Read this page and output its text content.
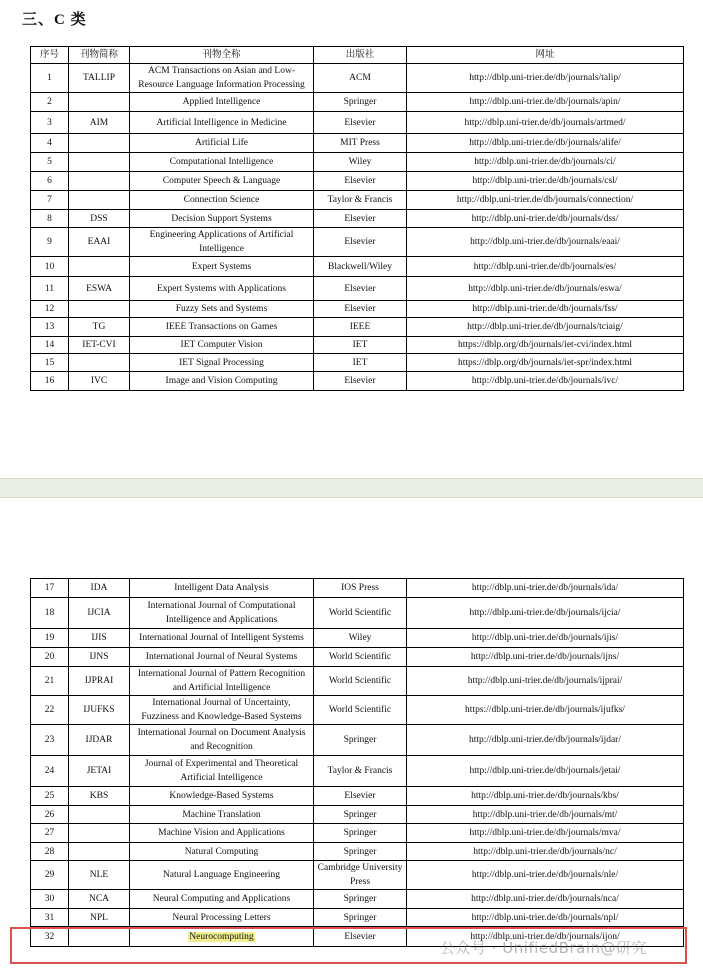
三、C 类
序号	刊物简称	刊物全称	出版社	网址
1	TALLIP	ACM Transactions on Asian and Low-Resource Language Information Processing	ACM	http://dblp.uni-trier.de/db/journals/talip/
2		Applied Intelligence	Springer	http://dblp.uni-trier.de/db/journals/apin/
3	AIM	Artificial Intelligence in Medicine	Elsevier	http://dblp.uni-trier.de/db/journals/artmed/
4		Artificial Life	MIT Press	http://dblp.uni-trier.de/db/journals/alife/
5		Computational Intelligence	Wiley	http://dblp.uni-trier.de/db/journals/ci/
6		Computer Speech & Language	Elsevier	http://dblp.uni-trier.de/db/journals/csl/
7		Connection Science	Taylor & Francis	http://dblp.uni-trier.de/db/journals/connection/
8	DSS	Decision Support Systems	Elsevier	http://dblp.uni-trier.de/db/journals/dss/
9	EAAI	Engineering Applications of Artificial Intelligence	Elsevier	http://dblp.uni-trier.de/db/journals/eaai/
10		Expert Systems	Blackwell/Wiley	http://dblp.uni-trier.de/db/journals/es/
11	ESWA	Expert Systems with Applications	Elsevier	http://dblp.uni-trier.de/db/journals/eswa/
12		Fuzzy Sets and Systems	Elsevier	http://dblp.uni-trier.de/db/journals/fss/
13	TG	IEEE Transactions on Games	IEEE	http://dblp.uni-trier.de/db/journals/tciaig/
14	IET-CVI	IET Computer Vision	IET	https://dblp.org/db/journals/iet-cvi/index.html
15		IET Signal Processing	IET	https://dblp.org/db/journals/iet-spr/index.html
16	IVC	Image and Vision Computing	Elsevier	http://dblp.uni-trier.de/db/journals/ivc/
17	IDA	Intelligent Data Analysis	IOS Press	http://dblp.uni-trier.de/db/journals/ida/
18	IJCIA	International Journal of Computational Intelligence and Applications	World Scientific	http://dblp.uni-trier.de/db/journals/ijcia/
19	IJIS	International Journal of Intelligent Systems	Wiley	http://dblp.uni-trier.de/db/journals/ijis/
20	IJNS	International Journal of Neural Systems	World Scientific	http://dblp.uni-trier.de/db/journals/ijns/
21	IJPRAI	International Journal of Pattern Recognition and Artificial Intelligence	World Scientific	http://dblp.uni-trier.de/db/journals/ijprai/
22	IJUFKS	International Journal of Uncertainty, Fuzziness and Knowledge-Based Systems	World Scientific	https://dblp.uni-trier.de/db/journals/ijufks/
23	IJDAR	International Journal on Document Analysis and Recognition	Springer	http://dblp.uni-trier.de/db/journals/ijdar/
24	JETAI	Journal of Experimental and Theoretical Artificial Intelligence	Taylor & Francis	http://dblp.uni-trier.de/db/journals/jetai/
25	KBS	Knowledge-Based Systems	Elsevier	http://dblp.uni-trier.de/db/journals/kbs/
26		Machine Translation	Springer	http://dblp.uni-trier.de/db/journals/mt/
27		Machine Vision and Applications	Springer	http://dblp.uni-trier.de/db/journals/mva/
28		Natural Computing	Springer	http://dblp.uni-trier.de/db/journals/nc/
29	NLE	Natural Language Engineering	Cambridge University Press	http://dblp.uni-trier.de/db/journals/nle/
30	NCA	Neural Computing and Applications	Springer	http://dblp.uni-trier.de/db/journals/nca/
31	NPL	Neural Processing Letters	Springer	http://dblp.uni-trier.de/db/journals/npl/
32		Neurocomputing	Elsevier	http://dblp.uni-trier.de/db/journals/ijon/
公众号 · UnifiedBrain@研究
